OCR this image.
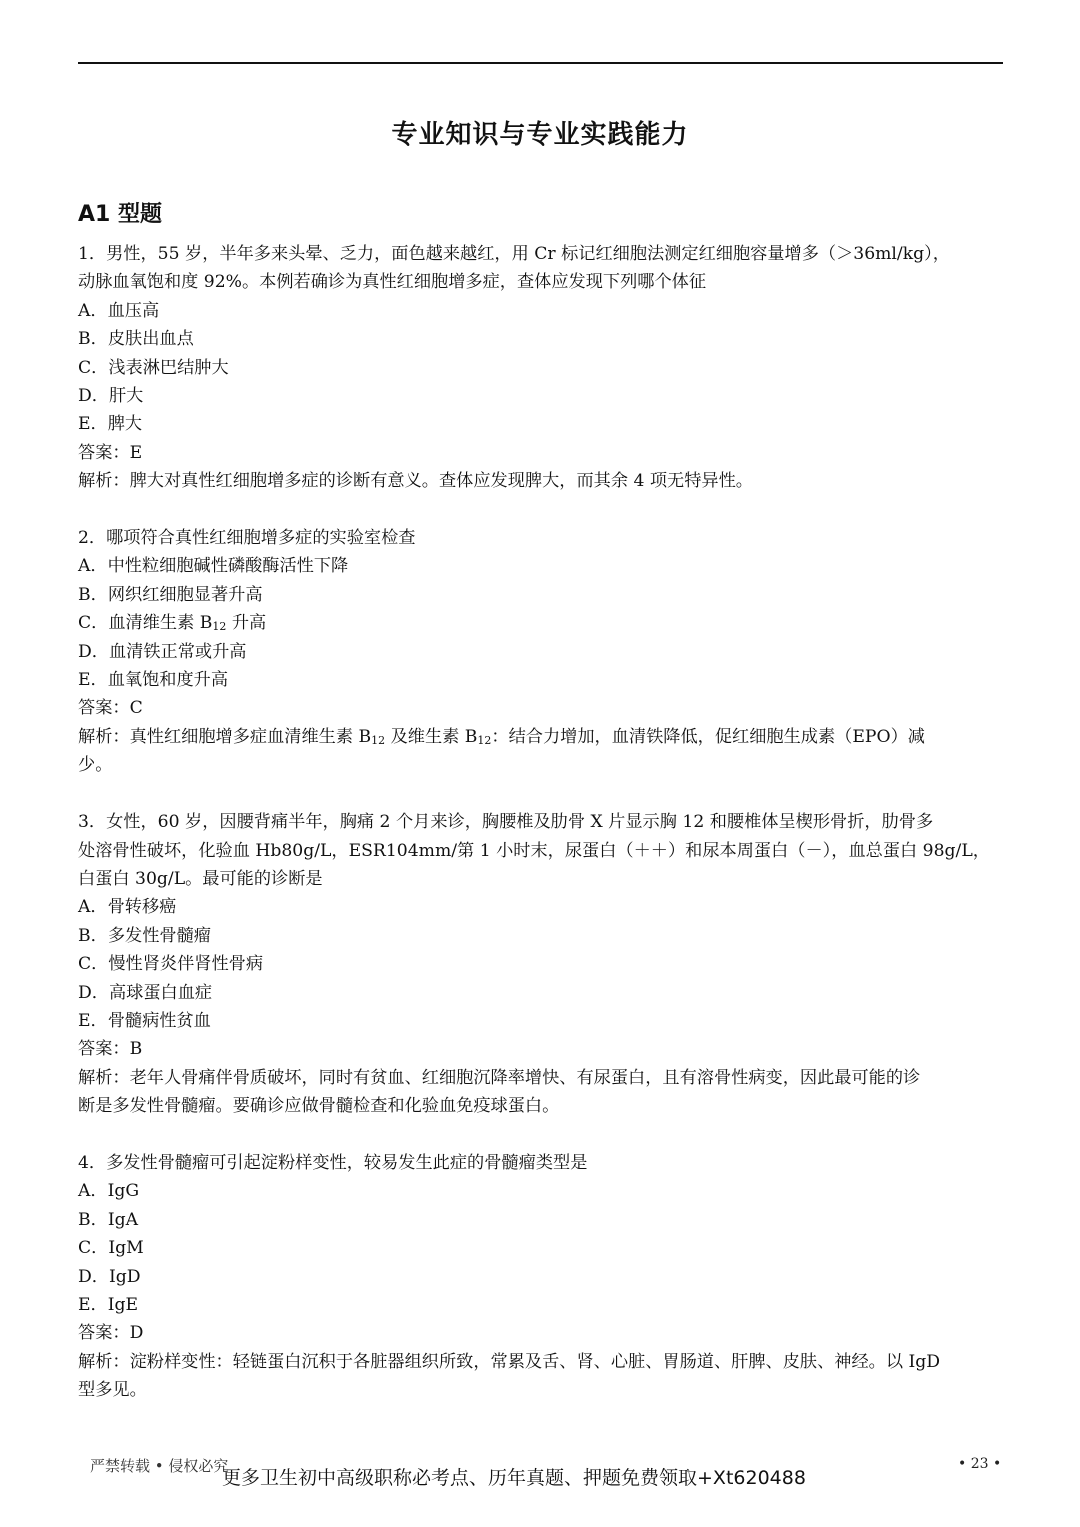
专业知识与专业实践能力
A1 型题
1．男性，55 岁，半年多来头晕、乏力，面色越来越红，用 Cr 标记红细胞法测定红细胞容量增多（＞36ml/kg），
动脉血氧饱和度 92%。本例若确诊为真性红细胞增多症，查体应发现下列哪个体征
A．血压高
B．皮肤出血点
C．浅表淋巴结肿大
D．肝大
E．脾大
答案：E
解析：脾大对真性红细胞增多症的诊断有意义。查体应发现脾大，而其余 4 项无特异性。
2．哪项符合真性红细胞增多症的实验室检查
A．中性粒细胞碱性磷酸酶活性下降
B．网织红细胞显著升高
C．血清维生素 $B_{12}$ 升高
D．血清铁正常或升高
E．血氧饱和度升高
答案：C
解析：真性红细胞增多症血清维生素 $B_{12}$ 及维生素 $B_{12}$：结合力增加，血清铁降低，促红细胞生成素（EPO）减
少。
3．女性，60 岁，因腰背痛半年，胸痛 2 个月来诊，胸腰椎及肋骨 X 片显示胸 12 和腰椎体呈楔形骨折，肋骨多
处溶骨性破坏，化验血 Hb80g/L，ESR104mm/第 1 小时末，尿蛋白（＋＋）和尿本周蛋白（－），血总蛋白 98g/L，
白蛋白 30g/L。最可能的诊断是
A．骨转移癌
B．多发性骨髓瘤
C．慢性肾炎伴肾性骨病
D．高球蛋白血症
E．骨髓病性贫血
答案：B
解析：老年人骨痛伴骨质破坏，同时有贫血、红细胞沉降率增快、有尿蛋白，且有溶骨性病变，因此最可能的诊
断是多发性骨髓瘤。要确诊应做骨髓检查和化验血免疫球蛋白。
4．多发性骨髓瘤可引起淀粉样变性，较易发生此症的骨髓瘤类型是
A．IgG
B．IgA
C．IgM
D．IgD
E．IgE
答案：D
解析：淀粉样变性：轻链蛋白沉积于各脏器组织所致，常累及舌、肾、心脏、胃肠道、肝脾、皮肤、神经。以 IgD
型多见。
严禁转载 • 侵权必究
更多卫生初中高级职称必考点、历年真题、押题免费领取+Xt620488
• 23 •
